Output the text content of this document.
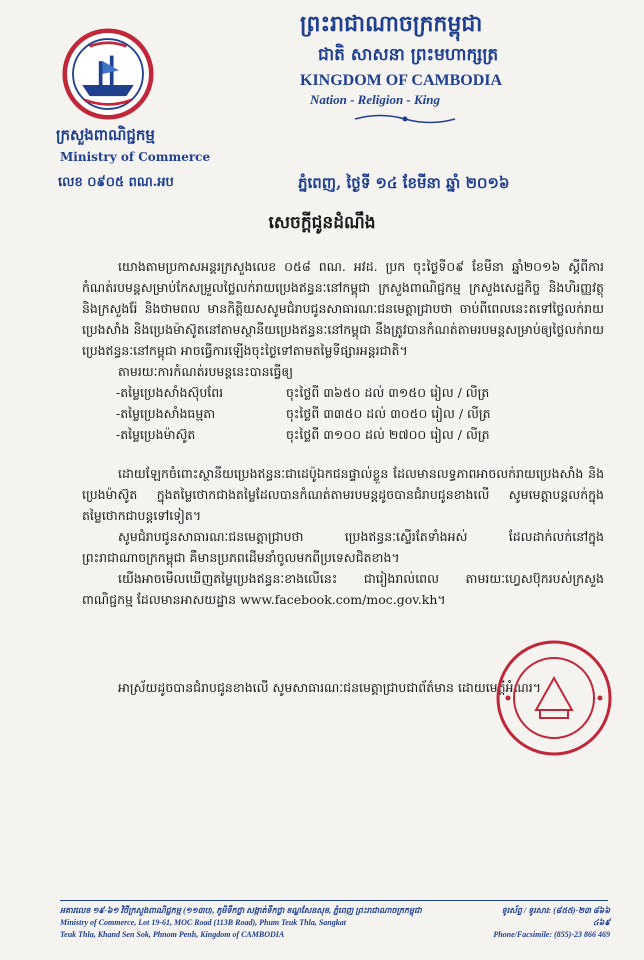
ក្រសួងពាណិជ្ជកម្ម
Ministry of Commerce
លេខ ០៩០៥ ពណ.អប
ព្រះរាជាណាចក្រកម្ពុជា
ជាតិ សាសនា ព្រះមហាក្សត្រ
KINGDOM OF CAMBODIA
Nation - Religion - King
ភ្នំពេញ, ថ្ងៃទី ១៤ ខែមីនា ឆ្នាំ ២០១៦
សេចក្ដីជូនដំណឹង

យោងតាមប្រកាសអន្តរក្រសួងលេខ ០៥៨ ពណ. អវដ. ប្រក ចុះថ្ងៃទី០៩ ខែមីនា ឆ្នាំ២០១៦ ស្ដីពីការកំណត់របមន្តសម្រាប់កែសម្រួលថ្លៃលក់រាយប្រេងឥន្ធនៈនៅកម្ពុជា ក្រសួងពាណិជ្ជកម្ម ក្រសួងសេដ្ឋកិច្ច និងហិរញ្ញវត្ថុ និងក្រសួងរ៉ែ និងថាមពល មានកិត្តិយសសូមជំរាបជូនសាធារណៈជនមេត្តាជ្រាបថា ចាប់ពីពេលនេះតទៅថ្លៃលក់រាយប្រេងសាំង និងប្រេងម៉ាស៊ូតនៅតាមស្ថានីយប្រេងឥន្ធនៈនៅកម្ពុជា នឹងត្រូវបានកំណត់តាមរបមន្តសម្រាប់ឲ្យថ្លៃលក់រាយប្រេងឥន្ធនៈនៅកម្ពុជា អាចធ្វើការឡើងចុះថ្ងៃទៅតាមតម្លៃទីផ្សារអន្តរជាតិ។

តាមរយៈការកំណត់របមន្តនេះបានធ្វើឲ្យ

-តម្លៃប្រេងសាំងស៊ុបពែរ	ចុះថ្លៃពី ៣៦៥០ ដល់ ៣១៥០ រៀល / លីត្រ
-តម្លៃប្រេងសាំងធម្មតា	ចុះថ្លៃពី ៣៣៥០ ដល់ ៣០៥០ រៀល / លីត្រ
-តម្លៃប្រេងម៉ាស៊ូត	ចុះថ្លៃពី ៣១០០ ដល់ ២៧០០ រៀល / លីត្រ

ដោយឡែកចំពោះស្ថានីយប្រេងឥន្ធនៈជាដេប៉ូឯកជនផ្ទាល់ខ្លួន ដែលមានលទ្ធភាពអាចលក់រាយប្រេងសាំង និងប្រេងម៉ាស៊ូត ក្នុងតម្លៃថោកជាងតម្លៃដែលបានកំណត់តាមរបមន្តដូចបានជំរាបជូនខាងលើ សូមមេត្តាបន្តលក់ក្នុងតម្លៃថោកជាបន្តទៅទៀត។

សូមជំរាបជូនសាធារណៈជនមេត្តាជ្រាបថា ប្រេងឥន្ធនៈស្ទើរតែទាំងអស់ ដែលដាក់លក់នៅក្នុងព្រះរាជាណាចក្រកម្ពុជា គឺមានប្រភពដើមនាំចូលមកពីប្រទេសជិតខាង។

យើងអាចមើលឃើញតម្លៃប្រេងឥន្ធនៈខាងលើនេះ ជារៀងរាល់ពេល តាមរយៈហ្វេសប៊ុករបស់ក្រសួងពាណិជ្ជកម្ម ដែលមានអាសយដ្ឋាន www.facebook.com/moc.gov.kh។

អាស្រ័យដូចបានជំរាបជូនខាងលើ សូមសាធារណៈជនមេត្តាជ្រាបជាព័ត៌មាន ដោយមេត្តីអំណរ។
អគារលេខ ១៩-៦១ វិថីក្រសួងពាណិជ្ជកម្ម (១១៣ប), ភូមិទឹកថ្លា សង្កាត់ទឹកថ្លា ខណ្ឌសែនសុខ, ភ្នំពេញ ព្រះរាជាណាចក្រកម្ពុជា
Ministry of Commerce, Lot 19-61, MOC Road (113B Road), Phum Teuk Thla, Sangkat
Teuk Thla, Khand Sen Sok, Phnom Penh, Kingdom of CAMBODIA
ទូរស័ព្ទ / ទូរសារ: (៨៥៥)-២៣ ៨៦៦ ៤៦៩
Phone/Facsimile: (855)-23 866 469
